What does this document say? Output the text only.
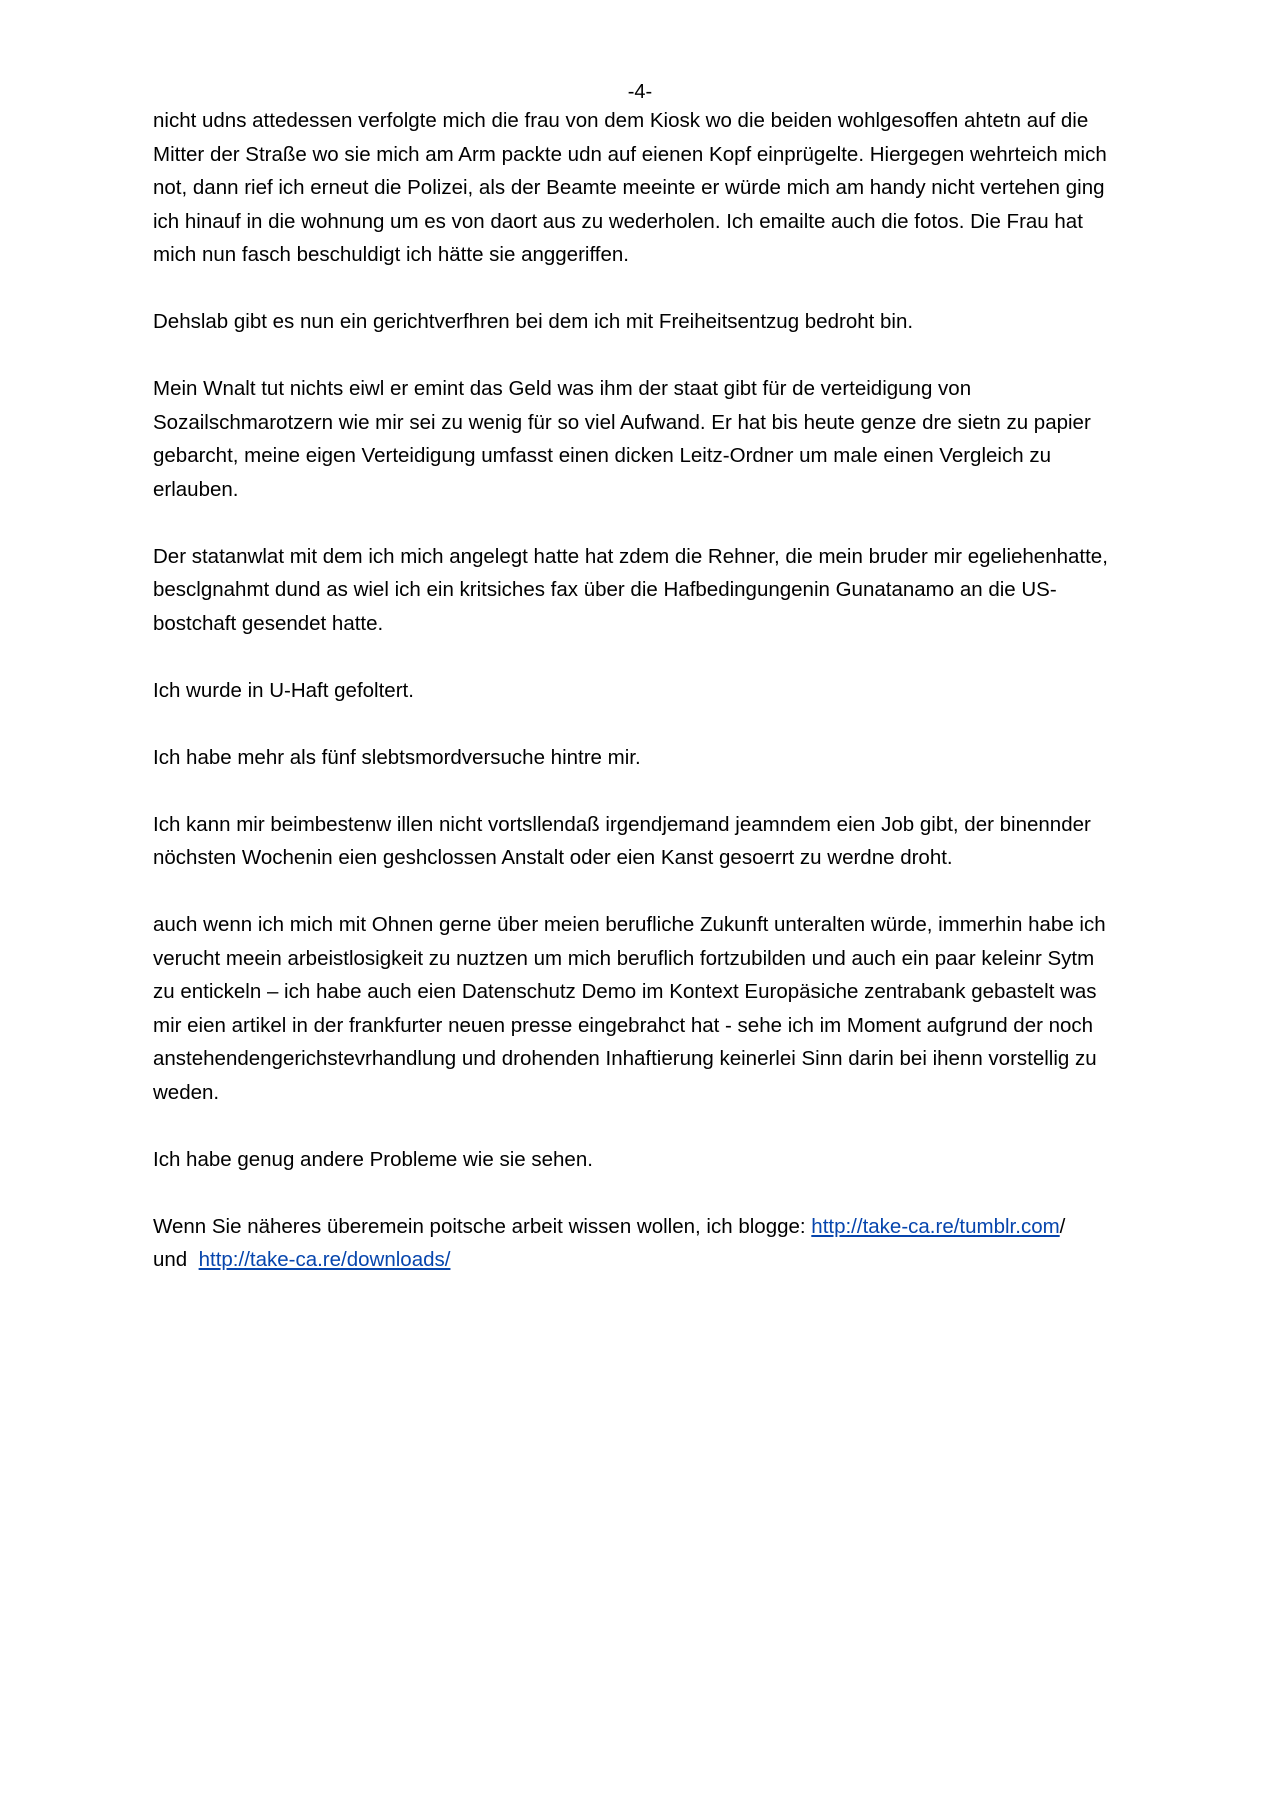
-4-

nicht udns attedessen verfolgte mich die frau von dem Kiosk wo die beiden wohlgesoffen ahtetn auf die
Mitter der Straße wo sie mich am Arm packte udn auf eienen Kopf einprügelte. Hiergegen wehrteich mich
not, dann rief ich erneut die Polizei, als der Beamte meeinte er würde mich am handy nicht vertehen ging
ich hinauf in die wohnung um es von daort aus zu wederholen. Ich emailte auch die fotos. Die Frau hat
mich nun fasch beschuldigt ich hätte sie anggeriffen.

Dehslab gibt es nun ein gerichtverfhren bei dem ich mit Freiheitsentzug bedroht bin.

Mein Wnalt tut nichts eiwl er emint das Geld was ihm der staat gibt für de verteidigung von
Sozailschmarotzern wie mir sei zu wenig für so viel Aufwand. Er hat bis heute genze dre sietn zu papier
gebarcht, meine eigen Verteidigung umfasst einen dicken Leitz-Ordner um male einen Vergleich zu
erlauben.

Der statanwlat mit dem ich mich angelegt hatte hat zdem die Rehner, die mein bruder mir egeliehenhatte,
besclgnahmt dund as wiel ich ein kritsiches fax über die Hafbedingungenin Gunatanamo an die US-
bostchaft gesendet hatte.

Ich wurde in U-Haft gefoltert.

Ich habe mehr als fünf slebtsmordversuche hintre mir.

Ich kann mir beimbestenw illen nicht vortsllendaß irgendjemand jeamndem eien Job gibt, der binennder
nöchsten Wochenin eien geshclossen Anstalt oder eien Kanst gesoerrt zu werdne droht.

auch wenn ich mich mit Ohnen gerne über meien berufliche Zukunft unteralten würde, immerhin habe ich
verucht meein arbeistlosigkeit zu nuztzen um mich beruflich fortzubilden und auch ein paar keleinr Sytm
zu entickeln – ich habe auch eien Datenschutz Demo im Kontext Europäsiche zentrabank gebastelt was
mir eien artikel in der frankfurter neuen presse eingebrahct hat - sehe ich im Moment aufgrund der noch
anstehendengerichstevrhandlung und drohenden Inhaftierung keinerlei Sinn darin bei ihenn vorstellig zu
weden.

Ich habe genug andere Probleme wie sie sehen.

Wenn Sie näheres überemein poitsche arbeit wissen wollen, ich blogge: http://take-ca.re/tumblr.com/
und  http://take-ca.re/downloads/
